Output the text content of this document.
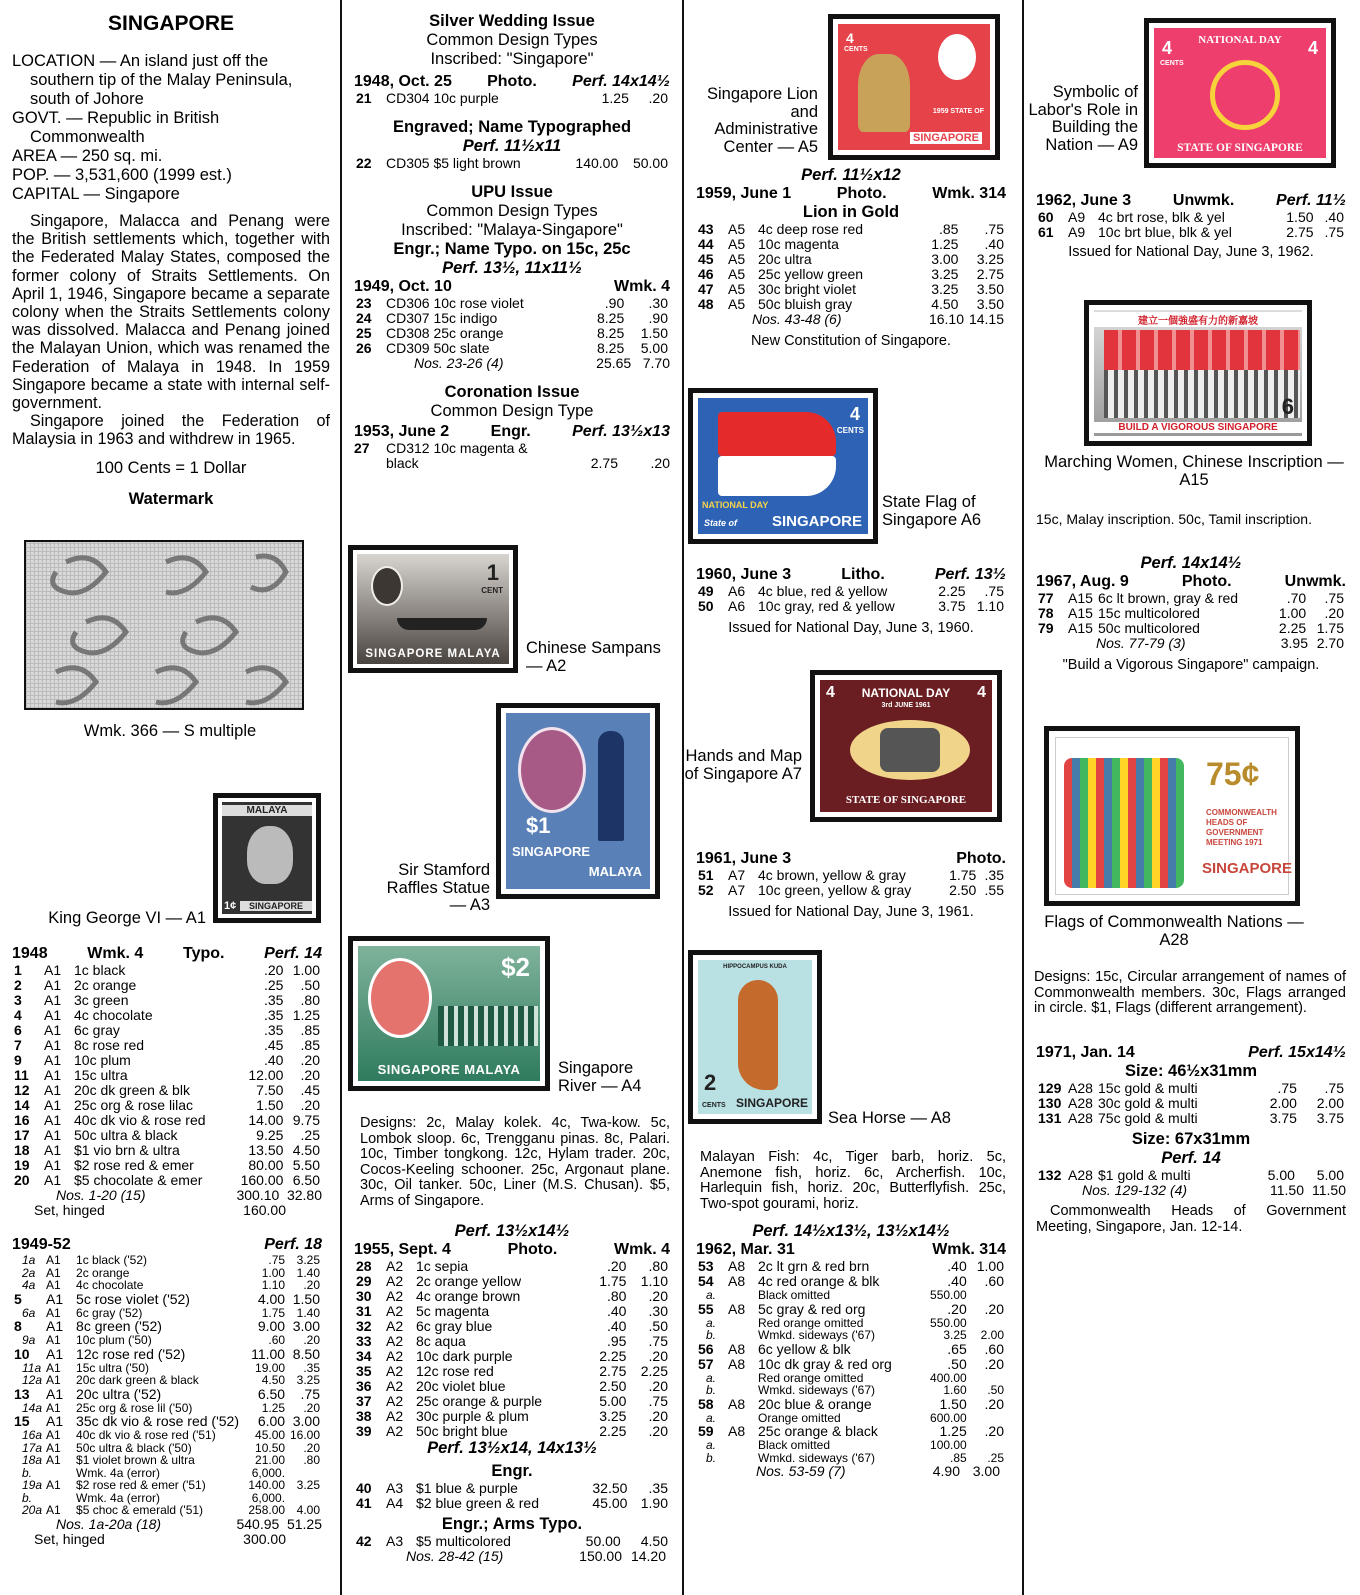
SINGAPORE

LOCATION — An island just off the southern tip of the Malay Peninsula, south of Johore

GOVT. — Republic in British Commonwealth

AREA — 250 sq. mi.

POP. — 3,531,600 (1999 est.)

CAPITAL — Singapore

Singapore, Malacca and Penang were the British settlements which, together with the Federated Malay States, composed the former colony of Straits Settlements. On April 1, 1946, Singapore became a separate colony when the Straits Settlements colony was dissolved. Malacca and Penang joined the Malayan Union, which was renamed the Federation of Malaya in 1948. In 1959 Singapore became a state with internal self-government.
Singapore joined the Federation of Malaysia in 1963 and withdrew in 1965.
100 Cents = 1 Dollar
Watermark
Wmk. 366 — S multiple
MALAYA
SINGAPORE
1¢
King George VI — A1
1948 Wmk. 4 Typo. Perf. 14
1	A1	1c black	.20	1.00
2	A1	2c orange	.25	.50
3	A1	3c green	.35	.80
4	A1	4c chocolate	.35	1.25
6	A1	6c gray	.35	.85
7	A1	8c rose red	.45	.85
9	A1	10c plum	.40	.20
11	A1	15c ultra	12.00	.20
12	A1	20c dk green & blk	7.50	.45
14	A1	25c org & rose lilac	1.50	.20
16	A1	40c dk vio & rose red	14.00	9.75
17	A1	50c ultra & black	9.25	.25
18	A1	$1 vio brn & ultra	13.50	4.50
19	A1	$2 rose red & emer	80.00	5.50
20	A1	$5 chocolate & emer	160.00	6.50
Nos. 1-20 (15)	300.10 32.80
Set, hinged	160.00
1949-52	Perf. 18
1a	A1	1c black ('52)	.75	3.25
2a	A1	2c orange	1.00	1.40
4a	A1	4c chocolate	1.10	.20
5	A1	5c rose violet ('52)	4.00	1.50
6a	A1	6c gray ('52)	1.75	1.40
8	A1	8c green ('52)	9.00	3.00
9a	A1	10c plum ('50)	.60	.20
10	A1	12c rose red ('52)	11.00	8.50
11a	A1	15c ultra ('50)	19.00	.35
12a	A1	20c dark green & black	4.50	3.25
13	A1	20c ultra ('52)	6.50	.75
14a	A1	25c org & rose lil ('50)	1.25	.20
15	A1	35c dk vio & rose red ('52)	6.00	3.00
16a	A1	40c dk vio & rose red ('51)	45.00	16.00
17a	A1	50c ultra & black ('50)	10.50	.20
18a	A1	$1 violet brown & ultra	21.00	.80
b.		Wmk. 4a (error)	6,000.	
19a	A1	$2 rose red & emer ('51)	140.00	3.25
b.		Wmk. 4a (error)	6,000.	
20a	A1	$5 choc & emerald ('51)	258.00	4.00
Nos. 1a-20a (18)	540.95 51.25
Set, hinged	300.00
Silver Wedding Issue
Common Design Types
Inscribed: "Singapore"
1948, Oct. 25 Photo. Perf. 14x14½
21	CD304 10c purple	1.25	.20
Engraved; Name Typographed
Perf. 11½x11
22	CD305 $5 light brown	140.00	50.00
UPU Issue
Common Design Types
Inscribed: "Malaya-Singapore"
Engr.; Name Typo. on 15c, 25c
Perf. 13½, 11x11½
1949, Oct. 10	Wmk. 4
23	CD306 10c rose violet	.90	.30
24	CD307 15c indigo	8.25	.90
25	CD308 25c orange	8.25	1.50
26	CD309 50c slate	8.25	5.00
Nos. 23-26 (4)	25.65 7.70
Coronation Issue
Common Design Type
1953, June 2	Engr.	Perf. 13½x13
27	CD312 10c magenta & black	2.75	.20
1
CENT
SINGAPORE MALAYA	Chinese Sampans — A2
$1
SINGAPORE
MALAYA
Sir Stamford Raffles Statue — A3
$2
SINGAPORE MALAYA	Singapore River — A4
Designs: 2c, Malay kolek. 4c, Twa-kow. 5c, Lombok sloop. 6c, Trengganu pinas. 8c, Palari. 10c, Timber tongkong. 12c, Hylam trader. 20c, Cocos-Keeling schooner. 25c, Argonaut plane. 30c, Oil tanker. 50c, Liner (M.S. Chusan). $5, Arms of Singapore.
Perf. 13½x14½
1955, Sept. 4	Photo.	Wmk. 4
28	A2	1c sepia	.20	.80
29	A2	2c orange yellow	1.75	1.10
30	A2	4c orange brown	.80	.20
31	A2	5c magenta	.40	.30
32	A2	6c gray blue	.40	.50
33	A2	8c aqua	.95	.75
34	A2	10c dark purple	2.25	.20
35	A2	12c rose red	2.75	2.25
36	A2	20c violet blue	2.50	.20
37	A2	25c orange & purple	5.00	.75
38	A2	30c purple & plum	3.25	.20
39	A2	50c bright blue	2.25	.20
Perf. 13½x14, 14x13½
Engr.
40	A3	$1 blue & purple	32.50	.35
41	A4	$2 blue green & red	45.00	1.90
Engr.; Arms Typo.
42	A3	$5 multicolored	50.00	4.50
Nos. 28-42 (15)	150.00 14.20
4
CENTS
1959 STATE OF
SINGAPORE
Singapore Lion and Administrative Center — A5
Perf. 11½x12
1959, June 1	Photo.	Wmk. 314
Lion in Gold
43	A5	4c deep rose red	.85	.75
44	A5	10c magenta	1.25	.40
45	A5	20c ultra	3.00	3.25
46	A5	25c yellow green	3.25	2.75
47	A5	30c bright violet	3.25	3.50
48	A5	50c bluish gray	4.50	3.50
Nos. 43-48 (6)	16.10 14.15
New Constitution of Singapore.
4
CENTS
NATIONAL DAY
State of SINGAPORE
State Flag of Singapore A6
1960, June 3	Litho.	Perf. 13½
49	A6	4c blue, red & yellow	2.25	.75
50	A6	10c gray, red & yellow	3.75	1.10
Issued for National Day, June 3, 1960.
NATIONAL DAY
3rd JUNE 1961
4	4
STATE OF SINGAPORE
Hands and Map of Singapore A7
1961, June 3	Photo.
51	A7	4c brown, yellow & gray	1.75	.35
52	A7	10c green, yellow & gray	2.50	.55
Issued for National Day, June 3, 1961.
HIPPOCAMPUS KUDA
2
CENTS SINGAPORE
Sea Horse — A8
Malayan Fish: 4c, Tiger barb, horiz. 5c, Anemone fish, horiz. 6c, Archerfish. 10c, Harlequin fish, horiz. 20c, Butterflyfish. 25c, Two-spot gourami, horiz.
Perf. 14½x13½, 13½x14½
1962, Mar. 31	Wmk. 314
53	A8	2c lt grn & red brn	.40	1.00
54	A8	4c red orange & blk	.40	.60
a.		Black omitted	550.00	
55	A8	5c gray & red org	.20	.20
a.		Red orange omitted	550.00	
b.		Wmkd. sideways ('67)	3.25	2.00
56	A8	6c yellow & blk	.65	.60
57	A8	10c dk gray & red org	.50	.20
a.		Red orange omitted	400.00	
b.		Wmkd. sideways ('67)	1.60	.50
58	A8	20c blue & orange	1.50	.20
a.		Orange omitted	600.00	
59	A8	25c orange & black	1.25	.20
a.		Black omitted	100.00	
b.		Wmkd. sideways ('67)	.85	.25
Nos. 53-59 (7)	4.90 3.00
NATIONAL DAY
4
CENTS
4
STATE OF SINGAPORE
Symbolic of Labor's Role in Building the Nation — A9
1962, June 3	Unwmk.	Perf. 11½
60	A9	4c brt rose, blk & yel	1.50	.40
61	A9	10c brt blue, blk & yel	2.75	.75
Issued for National Day, June 3, 1962.
建立一個強盛有力的新嘉坡
6
BUILD A VIGOROUS SINGAPORE
Marching Women, Chinese Inscription — A15
15c, Malay inscription. 50c, Tamil inscription.
Perf. 14x14½
1967, Aug. 9	Photo.	Unwmk.
77	A15	6c lt brown, gray & red	.70	.75
78	A15	15c multicolored	1.00	.20
79	A15	50c multicolored	2.25	1.75
Nos. 77-79 (3)	3.95 2.70
"Build a Vigorous Singapore" campaign.
75¢
COMMONWEALTH
HEADS OF
GOVERNMENT
MEETING 1971
SINGAPORE
Flags of Commonwealth Nations — A28
Designs: 15c, Circular arrangement of names of Commonwealth members. 30c, Flags arranged in circle. $1, Flags (different arrangement).
1971, Jan. 14	Perf. 15x14½
Size: 46½x31mm
129	A28	15c gold & multi	.75	.75
130	A28	30c gold & multi	2.00	2.00
131	A28	75c gold & multi	3.75	3.75
Size: 67x31mm
Perf. 14
132	A28	$1 gold & multi	5.00	5.00
Nos. 129-132 (4)	11.50 11.50
Commonwealth Heads of Government Meeting, Singapore, Jan. 12-14.
